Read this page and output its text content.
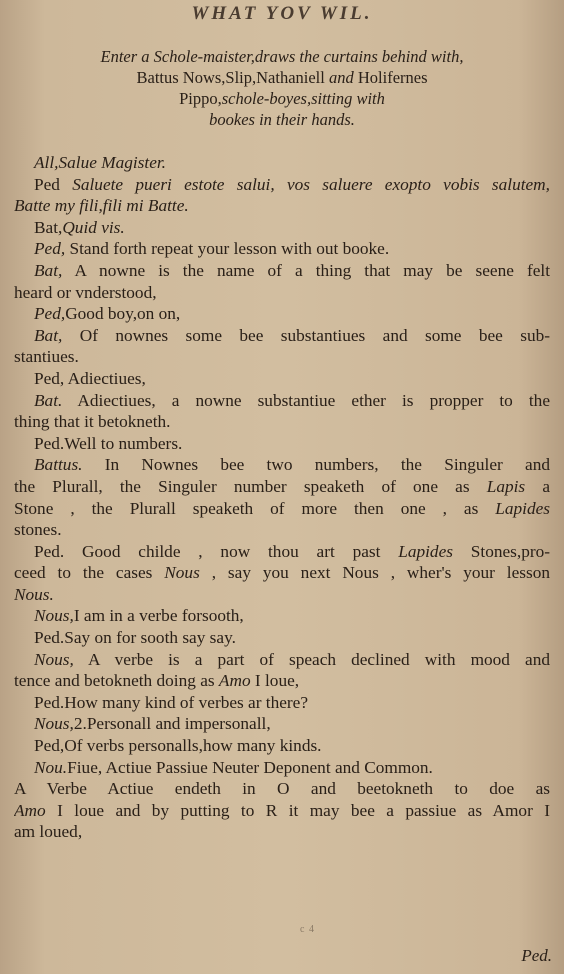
WHAT YOV WIL.
Enter a Schole-maister,draws the curtains behind with,
Battus Nows,Slip,Nathaniell and Holifernes
Pippo,schole-boyes,sitting with
bookes in their hands.
All,Salue Magister.
Ped Saluete pueri estote salui, vos saluere exopto vobis salutem,
Batte my fili,fili mi Batte.
Bat,Quid vis.
Ped, Stand forth repeat your lesson with out booke.
Bat, A nowne is the name of a thing that may be seene felt
heard or vnderstood,
Ped,Good boy,on on,
Bat, Of nownes some bee substantiues and some bee sub-
stantiues.
Ped, Adiectiues,
Bat. Adiectiues, a nowne substantiue ether is propper to the
thing that it betokneth.
Ped.Well to numbers.
Battus. In Nownes bee two numbers, the Singuler and
the Plurall, the Singuler number speaketh of one as Lapis a
Stone , the Plurall speaketh of more then one , as Lapides
stones.
Ped. Good childe , now thou art past Lapides Stones,pro-
ceed to the cases Nous , say you next Nous , wher's your lesson
Nous.
Nous,I am in a verbe forsooth,
Ped.Say on for sooth say say.
Nous, A verbe is a part of speach declined with mood and
tence and betokneth doing as Amo I loue,
Ped.How many kind of verbes ar there?
Nous,2.Personall and impersonall,
Ped,Of verbs personalls,how many kinds.
Nou.Fiue, Actiue Passiue Neuter Deponent and Common.
A Verbe Actiue endeth in O and beetokneth to doe as
Amo I loue and by putting to R it may bee a passiue as Amor I
am loued,
c 4
Ped.
